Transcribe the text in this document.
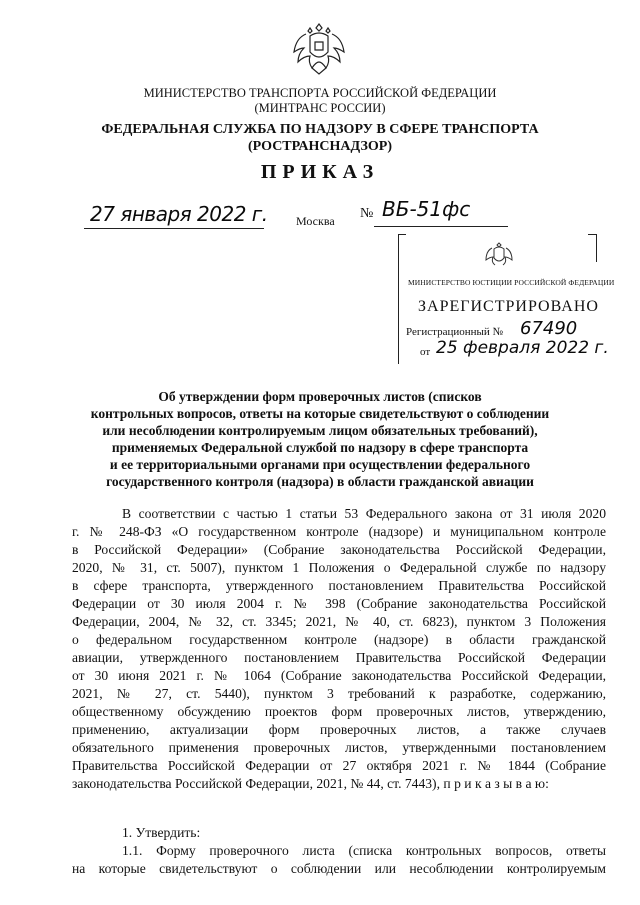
МИНИСТЕРСТВО ТРАНСПОРТА РОССИЙСКОЙ ФЕДЕРАЦИИ
(МИНТРАНС РОССИИ)
ФЕДЕРАЛЬНАЯ СЛУЖБА ПО НАДЗОРУ В СФЕРЕ ТРАНСПОРТА
(РОСТРАНСНАДЗОР)
ПРИКАЗ
27 января 2022 г. Москва № ВБ-51фс
МИНИСТЕРСТВО ЮСТИЦИИ РОССИЙСКОЙ ФЕДЕРАЦИИ
ЗАРЕГИСТРИРОВАНО
Регистрационный № 67490
от 25 февраля 2022 г.
Об утверждении форм проверочных листов (списков
контрольных вопросов, ответы на которые свидетельствуют о соблюдении
или несоблюдении контролируемым лицом обязательных требований),
применяемых Федеральной службой по надзору в сфере транспорта
и ее территориальными органами при осуществлении федерального
государственного контроля (надзора) в области гражданской авиации
В соответствии с частью 1 статьи 53 Федерального закона от 31 июля 2020
г. № 248-ФЗ «О государственном контроле (надзоре) и муниципальном контроле
в Российской Федерации» (Собрание законодательства Российской Федерации,
2020, № 31, ст. 5007), пунктом 1 Положения о Федеральной службе по надзору
в сфере транспорта, утвержденного постановлением Правительства Российской
Федерации от 30 июля 2004 г. № 398 (Собрание законодательства Российской
Федерации, 2004, № 32, ст. 3345; 2021, № 40, ст. 6823), пунктом 3 Положения
о федеральном государственном контроле (надзоре) в области гражданской
авиации, утвержденного постановлением Правительства Российской Федерации
от 30 июня 2021 г. № 1064 (Собрание законодательства Российской Федерации,
2021, № 27, ст. 5440), пунктом 3 требований к разработке, содержанию,
общественному обсуждению проектов форм проверочных листов, утверждению,
применению, актуализации форм проверочных листов, а также случаев
обязательного применения проверочных листов, утвержденными постановлением
Правительства Российской Федерации от 27 октября 2021 г. № 1844 (Собрание
законодательства Российской Федерации, 2021, № 44, ст. 7443), п р и к а з ы в а ю:
1. Утвердить:
1.1. Форму проверочного листа (списка контрольных вопросов, ответы
на которые свидетельствуют о соблюдении или несоблюдении контролируемым
